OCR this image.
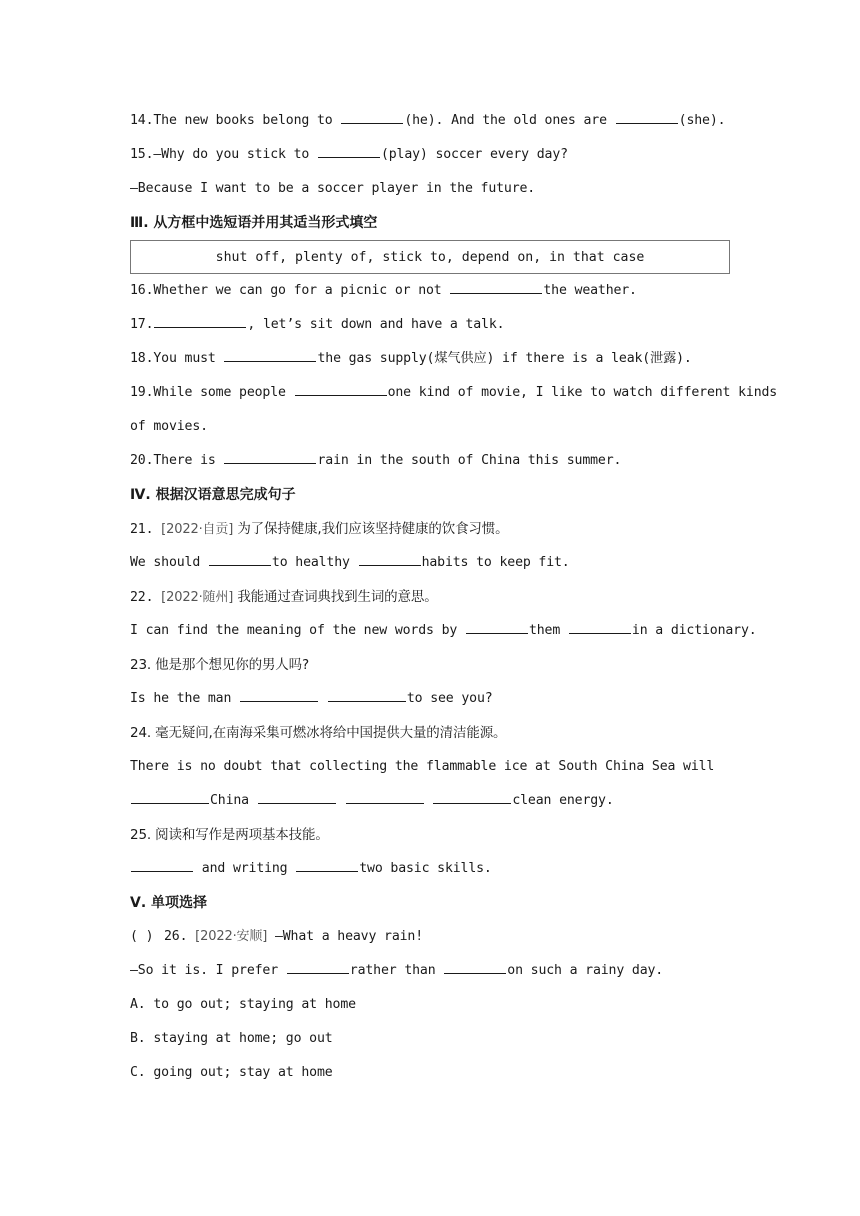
14.The new books belong to	(he). And the old ones are	(she).
15.—Why do you stick to	(play) soccer every day?
—Because I want to be a soccer player in the future.
Ⅲ. 从方框中选短语并用其适当形式填空
shut off, plenty of, stick to, depend on, in that case
16.Whether we can go for a picnic or not	the weather.
17.	, let’s sit down and have a talk.
18.You must	the gas supply(煤气供应) if there is a leak(泄露).
19.While some people	one kind of movie, I like to watch different kinds
of movies.
20.There is	rain in the south of China this summer.
Ⅳ. 根据汉语意思完成句子
21. [2022·自贡] 为了保持健康,我们应该坚持健康的饮食习惯。
We should	to healthy	habits to keep fit.
22. [2022·随州] 我能通过查词典找到生词的意思。
I can find the meaning of the new words by	them	in a dictionary.
23. 他是那个想见你的男人吗?
Is he the man	to see you?
24. 毫无疑问,在南海采集可燃冰将给中国提供大量的清洁能源。
There is no doubt that collecting the flammable ice at South China Sea will
China	clean energy.
25. 阅读和写作是两项基本技能。
and writing	two basic skills.
Ⅴ. 单项选择
( ) 26. [2022·安顺] —What a heavy rain!
—So it is. I prefer	rather than	on such a rainy day.
A. to go out; staying at home
B. staying at home; go out
C. going out; stay at home
